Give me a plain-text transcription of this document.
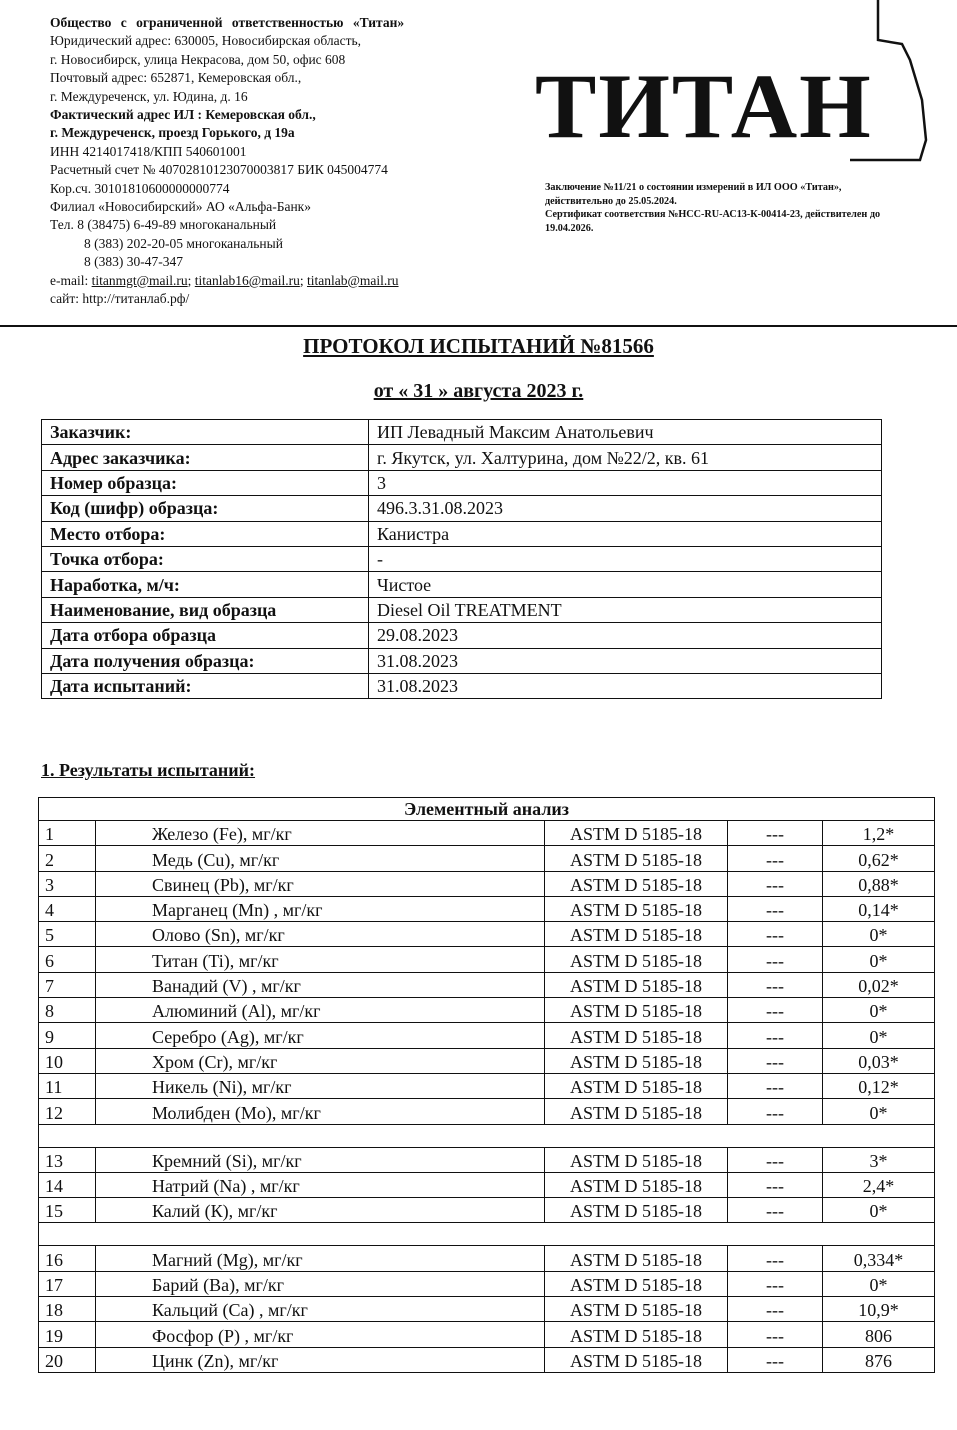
Общество с ограниченной ответственностью «Титан»
Юридический адрес: 630005, Новосибирская область,
г. Новосибирск, улица Некрасова, дом 50, офис 608
Почтовый адрес: 652871, Кемеровская обл.,
г. Междуреченск, ул. Юдина, д. 16
Фактический адрес ИЛ : Кемеровская обл.,
г. Междуреченск, проезд Горького, д 19а
ИНН 4214017418/КПП 540601001
Расчетный счет № 40702810123070003817 БИК 045004774
Кор.сч. 30101810600000000774
Филиал «Новосибирский» АО «Альфа-Банк»
Тел. 8 (38475) 6-49-89 многоканальный
8 (383) 202-20-05 многоканальный
8 (383) 30-47-347
e-mail: titanmgt@mail.ru; titanlab16@mail.ru; titanlab@mail.ru
сайт: http://титанлаб.рф/
ТИТАН
Заключение №11/21 о состоянии измерений в ИЛ ООО «Титан»,
действительно до 25.05.2024.
Сертификат соответствия №НСС-RU-АС13-К-00414-23, действителен до
19.04.2026.
ПРОТОКОЛ ИСПЫТАНИЙ №81566
от « 31 » августа 2023 г.
Заказчик:	ИП Левадный Максим Анатольевич
Адрес заказчика:	г. Якутск, ул. Халтурина, дом №22/2, кв. 61
Номер образца:	3
Код (шифр) образца:	496.3.31.08.2023
Место отбора:	Канистра
Точка отбора:	-
Наработка, м/ч:	Чистое
Наименование, вид образца	Diesel Oil TREATMENT
Дата отбора образца	29.08.2023
Дата получения образца:	31.08.2023
Дата испытаний:	31.08.2023
1. Результаты испытаний:
Элементный анализ				
1	Железо (Fe), мг/кг	ASTM D 5185-18	---	1,2*
2	Медь (Cu), мг/кг	ASTM D 5185-18	---	0,62*
3	Свинец (Pb), мг/кг	ASTM D 5185-18	---	0,88*
4	Марганец (Mn) , мг/кг	ASTM D 5185-18	---	0,14*
5	Олово (Sn), мг/кг	ASTM D 5185-18	---	0*
6	Титан (Ti), мг/кг	ASTM D 5185-18	---	0*
7	Ванадий (V) , мг/кг	ASTM D 5185-18	---	0,02*
8	Алюминий (Al), мг/кг	ASTM D 5185-18	---	0*
9	Серебро (Ag), мг/кг	ASTM D 5185-18	---	0*
10	Хром (Cr), мг/кг	ASTM D 5185-18	---	0,03*
11	Никель (Ni), мг/кг	ASTM D 5185-18	---	0,12*
12	Молибден (Mo), мг/кг	ASTM D 5185-18	---	0*

13	Кремний (Si), мг/кг	ASTM D 5185-18	---	3*
14	Натрий (Na) , мг/кг	ASTM D 5185-18	---	2,4*
15	Калий (К), мг/кг	ASTM D 5185-18	---	0*

16	Магний (Mg), мг/кг	ASTM D 5185-18	---	0,334*
17	Барий (Ba), мг/кг	ASTM D 5185-18	---	0*
18	Кальций (Ca) , мг/кг	ASTM D 5185-18	---	10,9*
19	Фосфор (P) , мг/кг	ASTM D 5185-18	---	806
20	Цинк (Zn), мг/кг	ASTM D 5185-18	---	876
